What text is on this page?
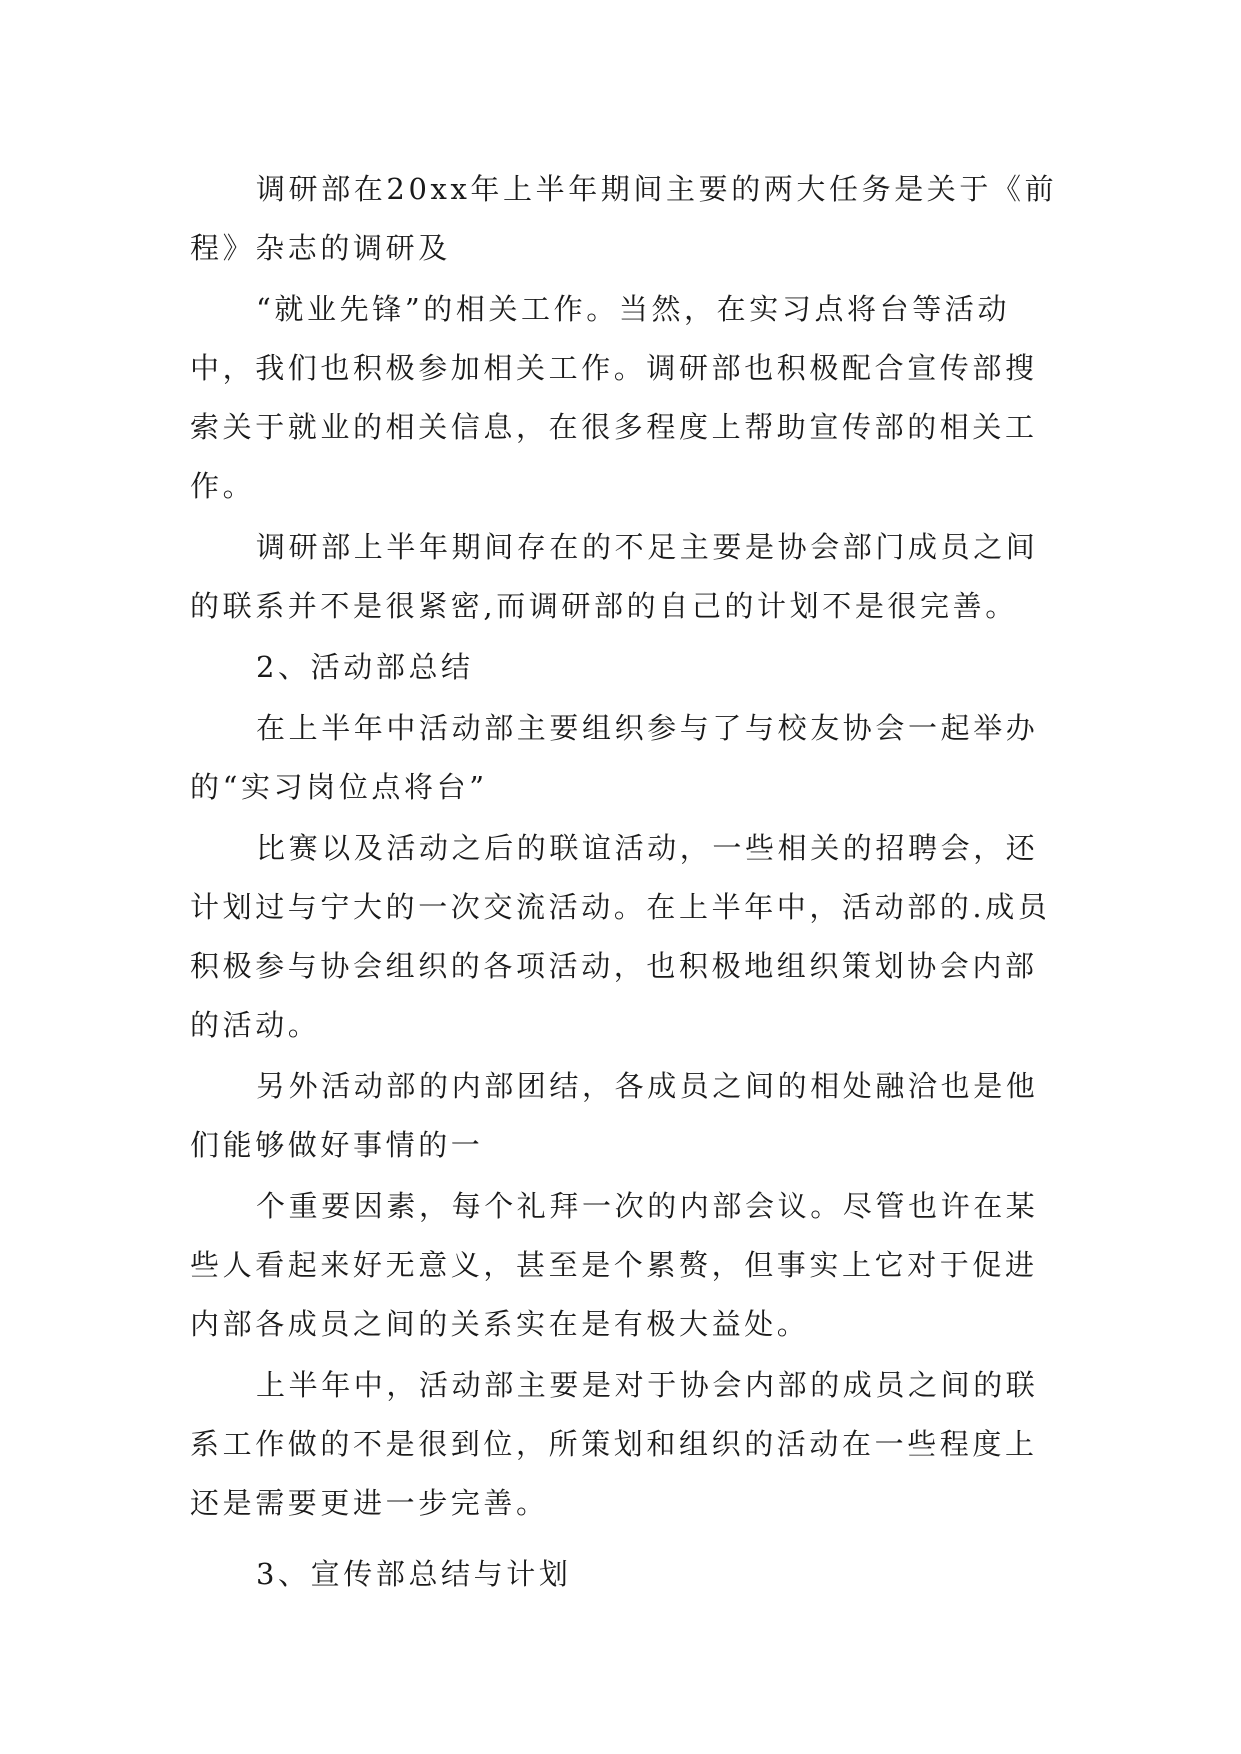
调研部在20xx年上半年期间主要的两大任务是关于《前程》杂志的调研及

“就业先锋”的相关工作。当然，在实习点将台等活动中，我们也积极参加相关工作。调研部也积极配合宣传部搜索关于就业的相关信息，在很多程度上帮助宣传部的相关工作。

调研部上半年期间存在的不足主要是协会部门成员之间的联系并不是很紧密,而调研部的自己的计划不是很完善。

2、活动部总结

在上半年中活动部主要组织参与了与校友协会一起举办的“实习岗位点将台”

比赛以及活动之后的联谊活动，一些相关的招聘会，还计划过与宁大的一次交流活动。在上半年中，活动部的.成员积极参与协会组织的各项活动，也积极地组织策划协会内部的活动。

另外活动部的内部团结，各成员之间的相处融洽也是他们能够做好事情的一

个重要因素，每个礼拜一次的内部会议。尽管也许在某些人看起来好无意义，甚至是个累赘，但事实上它对于促进内部各成员之间的关系实在是有极大益处。

上半年中，活动部主要是对于协会内部的成员之间的联系工作做的不是很到位，所策划和组织的活动在一些程度上还是需要更进一步完善。

3、宣传部总结与计划
